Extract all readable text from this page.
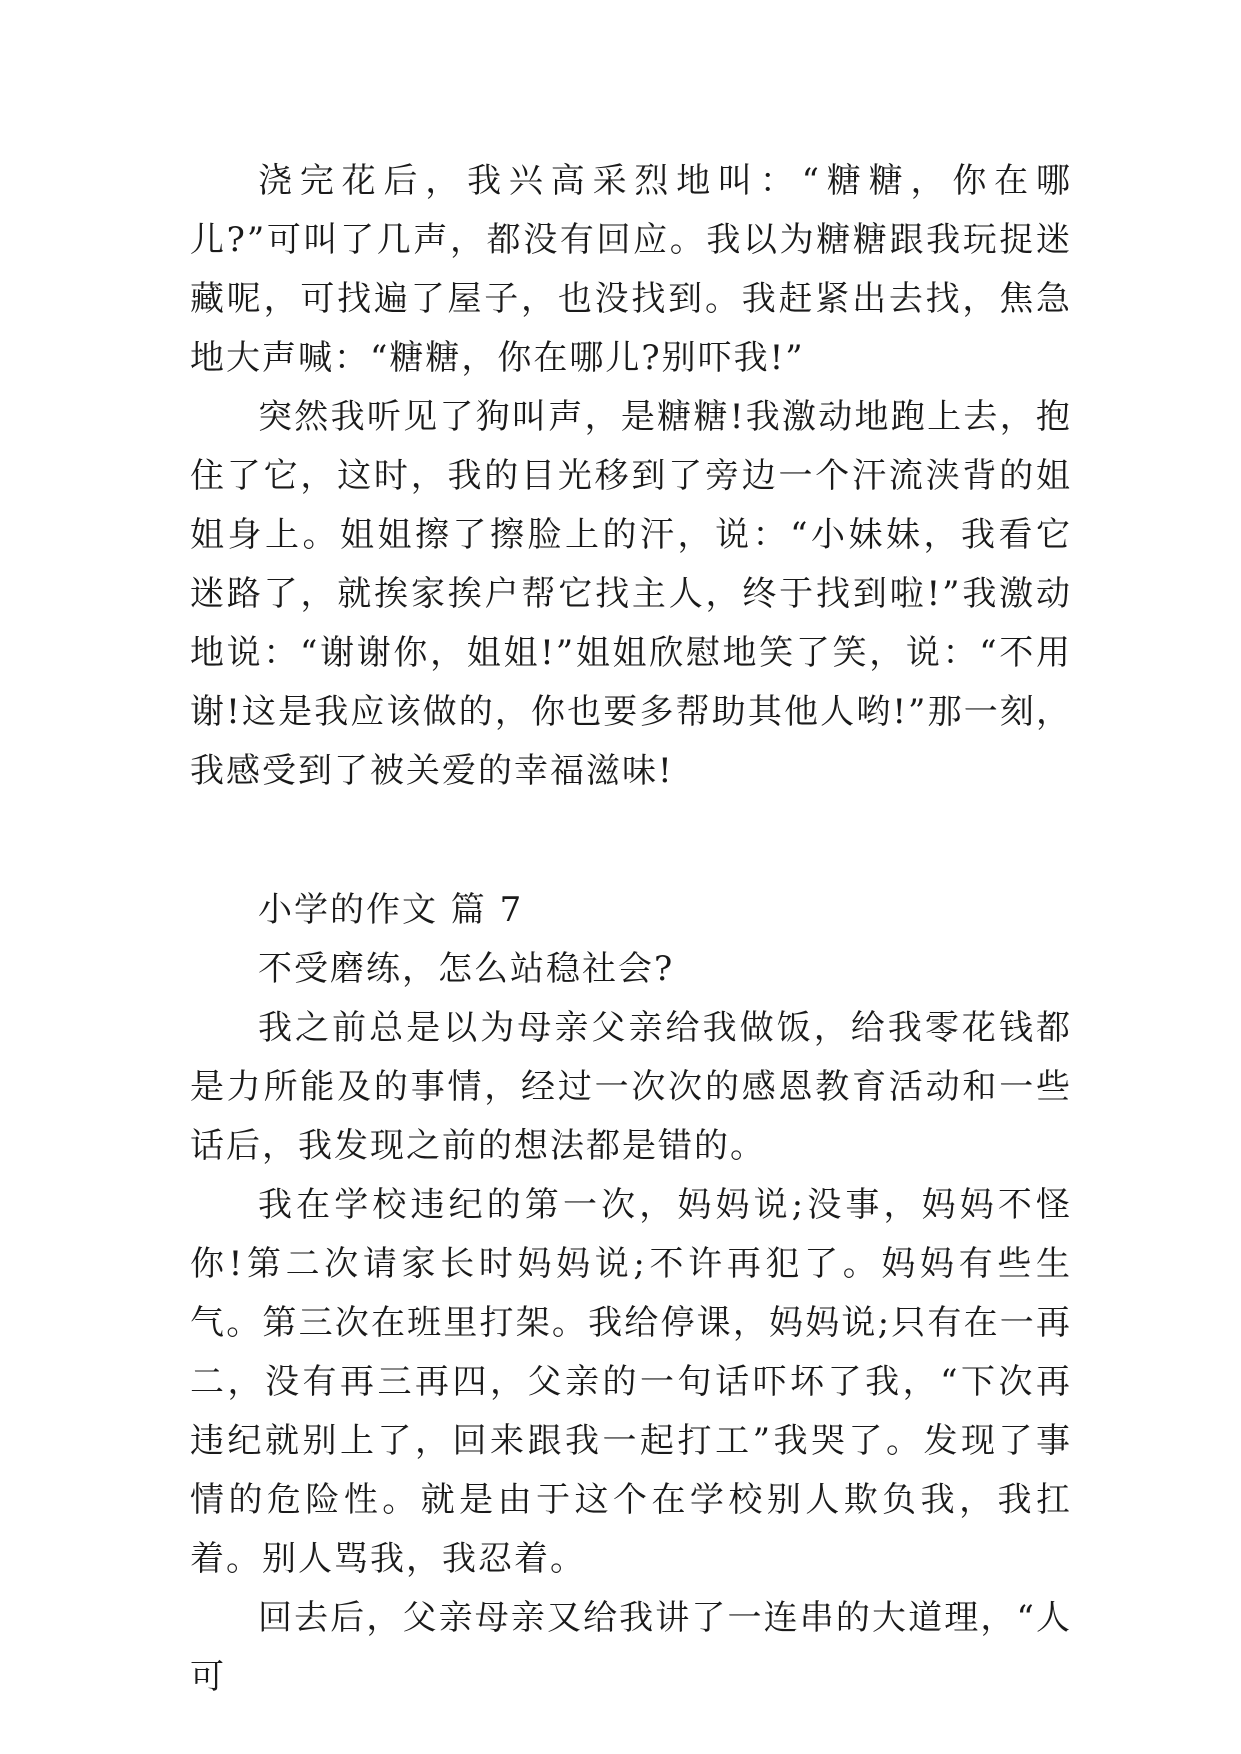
浇完花后，我兴高采烈地叫：“糖糖，你在哪儿?”可叫了几声，都没有回应。我以为糖糖跟我玩捉迷藏呢，可找遍了屋子，也没找到。我赶紧出去找，焦急地大声喊：“糖糖，你在哪儿?别吓我!”

突然我听见了狗叫声，是糖糖!我激动地跑上去，抱住了它，这时，我的目光移到了旁边一个汗流浃背的姐姐身上。姐姐擦了擦脸上的汗，说：“小妹妹，我看它迷路了，就挨家挨户帮它找主人，终于找到啦!”我激动地说：“谢谢你，姐姐!”姐姐欣慰地笑了笑，说：“不用谢!这是我应该做的，你也要多帮助其他人哟!”那一刻，我感受到了被关爱的幸福滋味!

小学的作文 篇 7

不受磨练，怎么站稳社会?

我之前总是以为母亲父亲给我做饭，给我零花钱都是力所能及的事情，经过一次次的感恩教育活动和一些话后，我发现之前的想法都是错的。

我在学校违纪的第一次，妈妈说;没事，妈妈不怪你!第二次请家长时妈妈说;不许再犯了。妈妈有些生气。第三次在班里打架。我给停课，妈妈说;只有在一再二，没有再三再四，父亲的一句话吓坏了我，“下次再违纪就别上了，回来跟我一起打工”我哭了。发现了事情的危险性。就是由于这个在学校别人欺负我，我扛着。别人骂我，我忍着。

回去后，父亲母亲又给我讲了一连串的大道理，“人可
